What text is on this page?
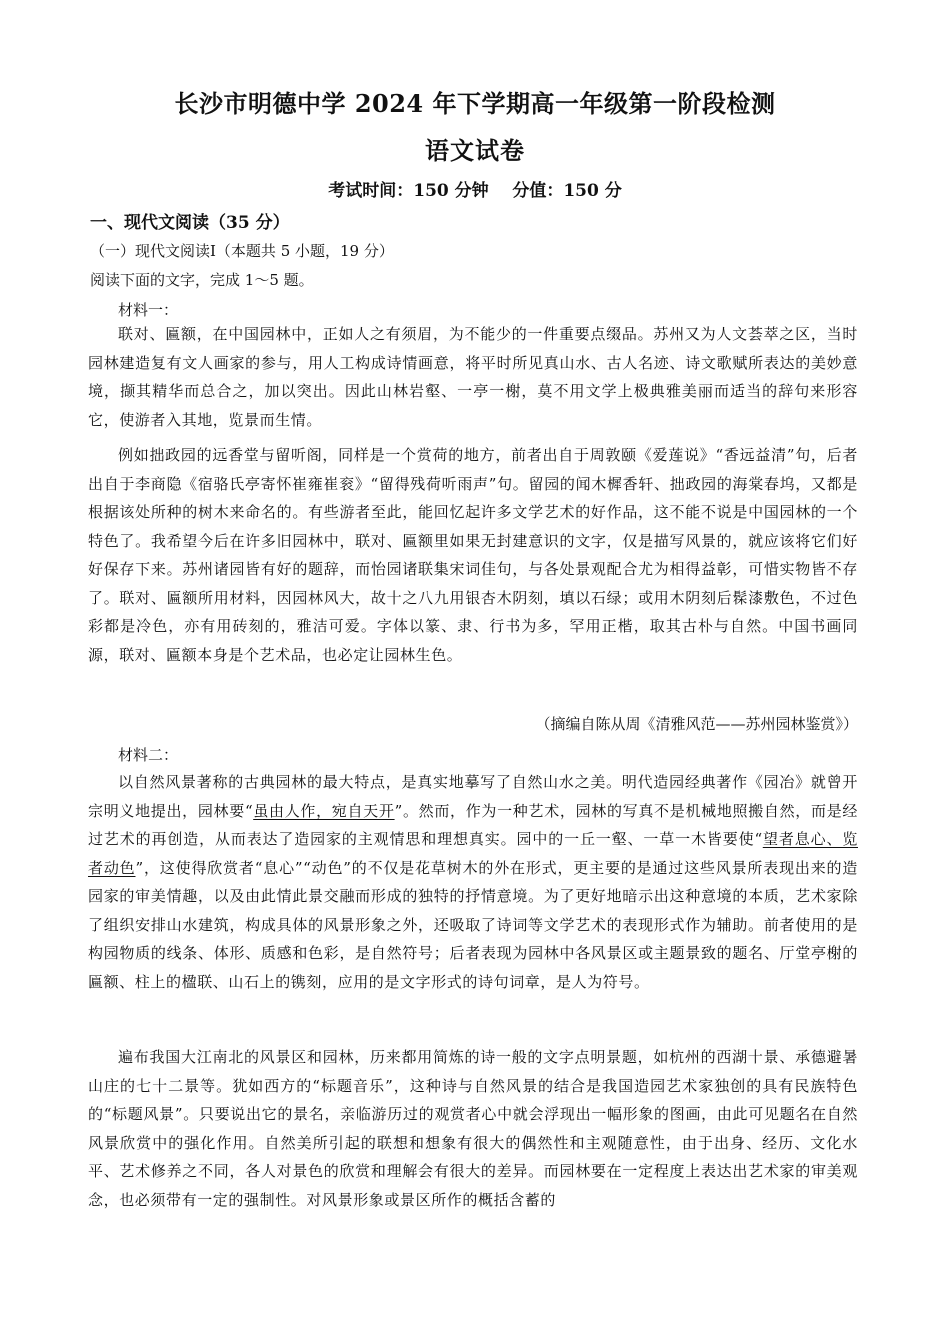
长沙市明德中学 2024 年下学期高一年级第一阶段检测
语文试卷
考试时间：150 分钟    分值：150 分
一、现代文阅读（35 分）

（一）现代文阅读Ⅰ（本题共 5 小题，19 分）

阅读下面的文字，完成 1～5 题。

材料一：

联对、匾额，在中国园林中，正如人之有须眉，为不能少的一件重要点缀品。苏州又为人文荟萃之区，当时园林建造复有文人画家的参与，用人工构成诗情画意，将平时所见真山水、古人名迹、诗文歌赋所表达的美妙意境，撷其精华而总合之，加以突出。因此山林岩壑、一亭一榭，莫不用文学上极典雅美丽而适当的辞句来形容它，使游者入其地，览景而生情。

例如拙政园的远香堂与留听阁，同样是一个赏荷的地方，前者出自于周敦颐《爱莲说》“香远益清”句，后者出自于李商隐《宿骆氏亭寄怀崔雍崔衮》“留得残荷听雨声”句。留园的闻木樨香轩、拙政园的海棠春坞，又都是根据该处所种的树木来命名的。有些游者至此，能回忆起许多文学艺术的好作品，这不能不说是中国园林的一个特色了。我希望今后在许多旧园林中，联对、匾额里如果无封建意识的文字，仅是描写风景的，就应该将它们好好保存下来。苏州诸园皆有好的题辞，而怡园诸联集宋词佳句，与各处景观配合尤为相得益彰，可惜实物皆不存了。联对、匾额所用材料，因园林风大，故十之八九用银杏木阴刻，填以石绿；或用木阴刻后髹漆敷色，不过色彩都是冷色，亦有用砖刻的，雅洁可爱。字体以篆、隶、行书为多，罕用正楷，取其古朴与自然。中国书画同源，联对、匾额本身是个艺术品，也必定让园林生色。

（摘编自陈从周《清雅风范——苏州园林鉴赏》）

材料二：

以自然风景著称的古典园林的最大特点，是真实地摹写了自然山水之美。明代造园经典著作《园冶》就曾开宗明义地提出，园林要“虽由人作，宛自天开”。然而，作为一种艺术，园林的写真不是机械地照搬自然，而是经过艺术的再创造，从而表达了造园家的主观情思和理想真实。园中的一丘一壑、一草一木皆要使“望者息心、览者动色”，这使得欣赏者“息心”“动色”的不仅是花草树木的外在形式，更主要的是通过这些风景所表现出来的造园家的审美情趣，以及由此情此景交融而形成的独特的抒情意境。为了更好地暗示出这种意境的本质，艺术家除了组织安排山水建筑，构成具体的风景形象之外，还吸取了诗词等文学艺术的表现形式作为辅助。前者使用的是构园物质的线条、体形、质感和色彩，是自然符号；后者表现为园林中各风景区或主题景致的题名、厅堂亭榭的匾额、柱上的楹联、山石上的镌刻，应用的是文字形式的诗句词章，是人为符号。

遍布我国大江南北的风景区和园林，历来都用简炼的诗一般的文字点明景题，如杭州的西湖十景、承德避暑山庄的七十二景等。犹如西方的“标题音乐”，这种诗与自然风景的结合是我国造园艺术家独创的具有民族特色的“标题风景”。只要说出它的景名，亲临游历过的观赏者心中就会浮现出一幅形象的图画，由此可见题名在自然风景欣赏中的强化作用。自然美所引起的联想和想象有很大的偶然性和主观随意性，由于出身、经历、文化水平、艺术修养之不同，各人对景色的欣赏和理解会有很大的差异。而园林要在一定程度上表达出艺术家的审美观念，也必须带有一定的强制性。对风景形象或景区所作的概括含蓄的
